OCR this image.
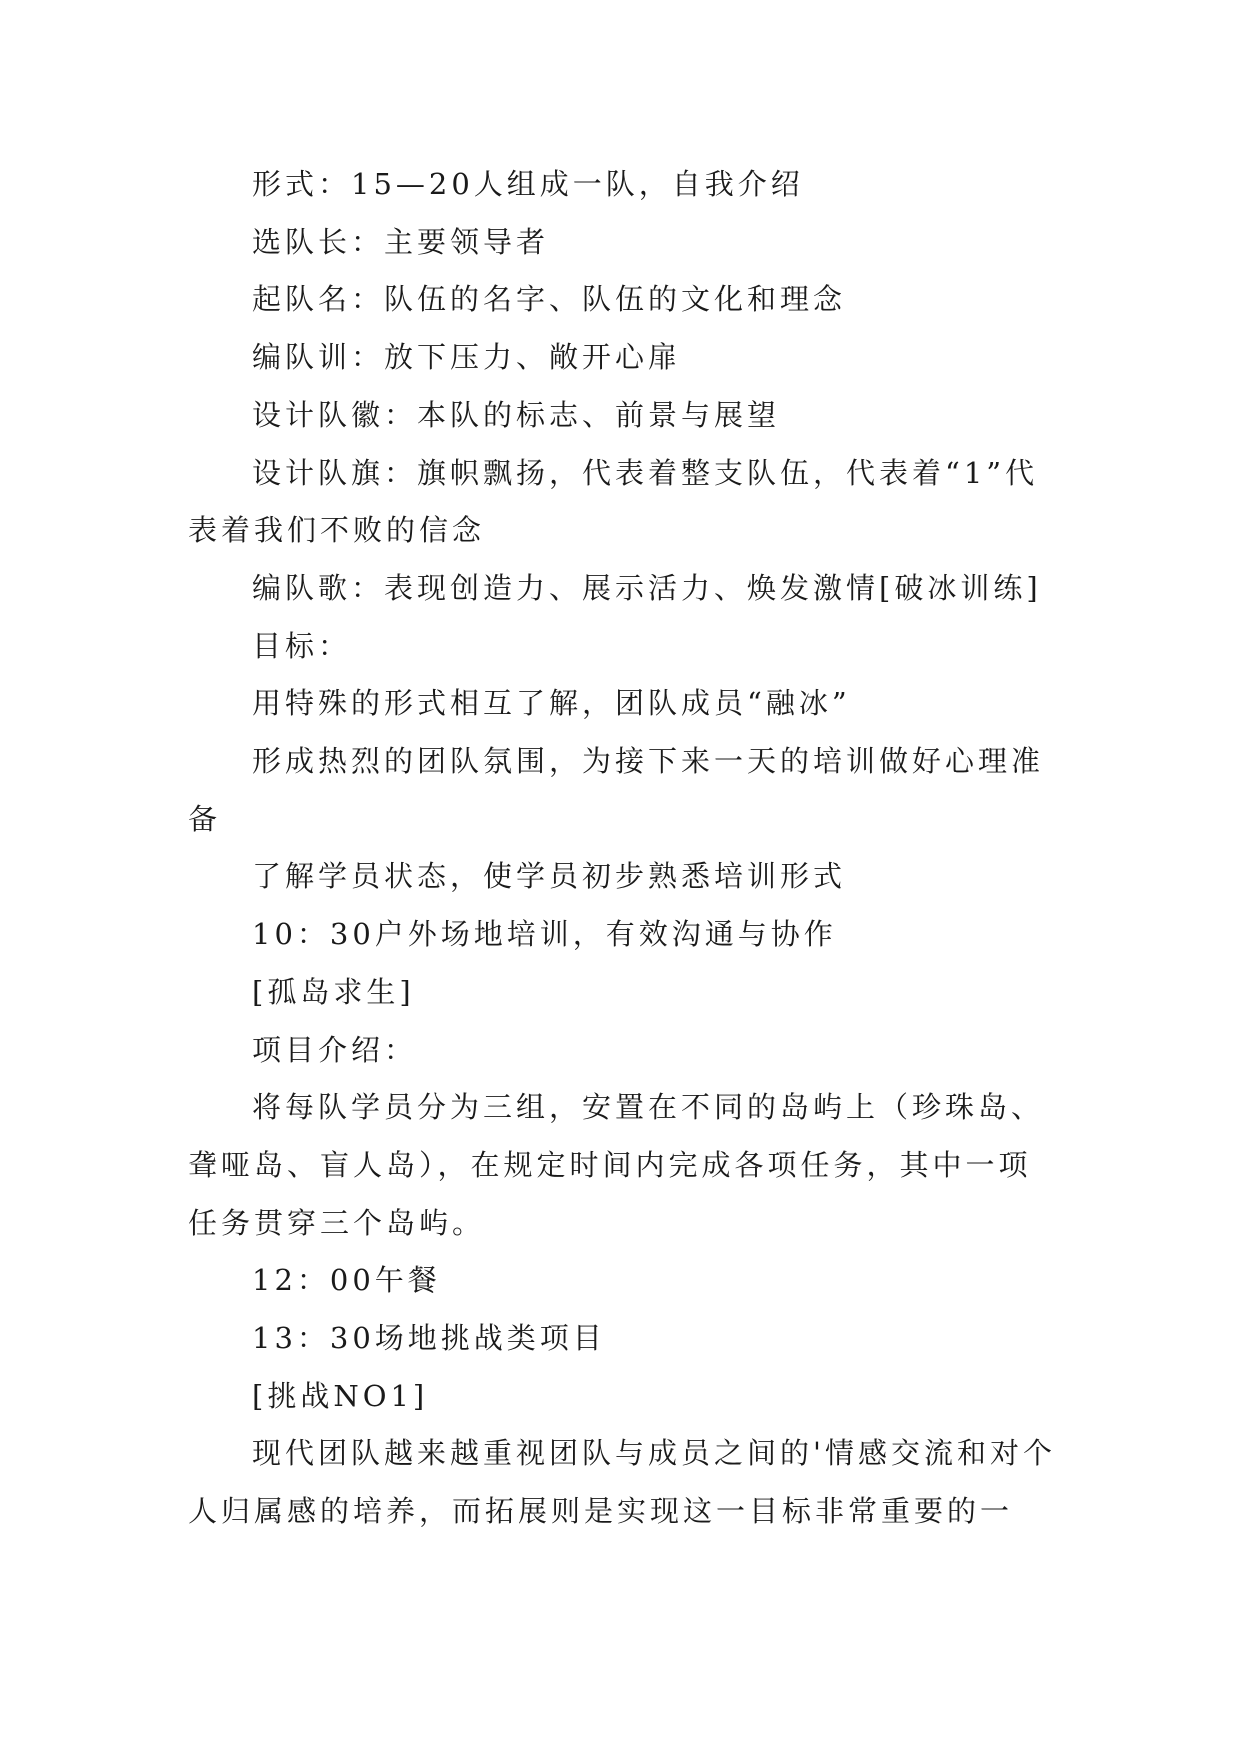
形式：15—20人组成一队，自我介绍

选队长：主要领导者

起队名：队伍的名字、队伍的文化和理念

编队训：放下压力、敞开心扉

设计队徽：本队的标志、前景与展望

设计队旗：旗帜飘扬，代表着整支队伍，代表着“1”代表着我们不败的信念

编队歌：表现创造力、展示活力、焕发激情[破冰训练]

目标：

用特殊的形式相互了解，团队成员“融冰”

形成热烈的团队氛围，为接下来一天的培训做好心理准备

了解学员状态，使学员初步熟悉培训形式

10：30户外场地培训，有效沟通与协作

[孤岛求生]

项目介绍：

将每队学员分为三组，安置在不同的岛屿上（珍珠岛、聋哑岛、盲人岛），在规定时间内完成各项任务，其中一项任务贯穿三个岛屿。

12：00午餐

13：30场地挑战类项目

[挑战NO1]

现代团队越来越重视团队与成员之间的'情感交流和对个人归属感的培养，而拓展则是实现这一目标非常重要的一
